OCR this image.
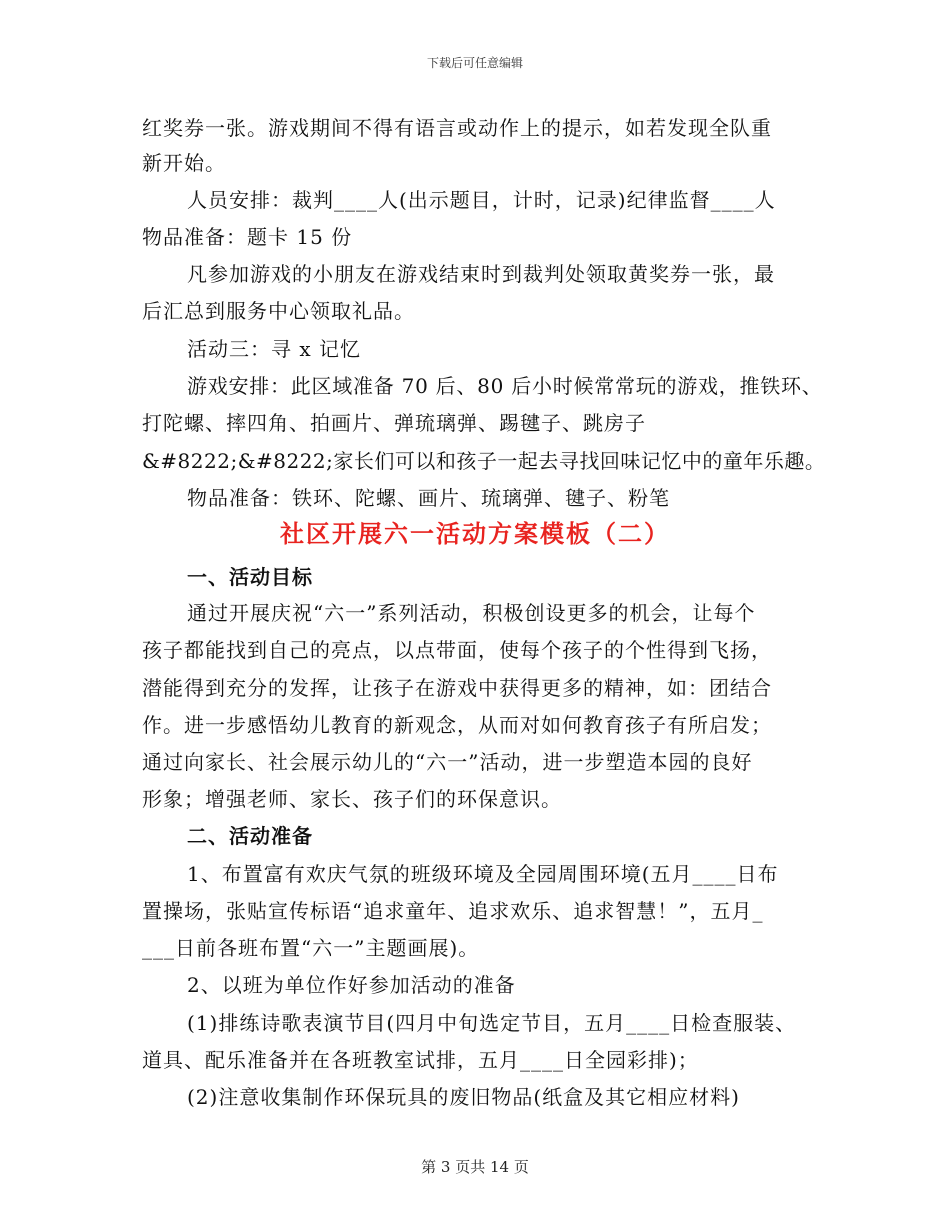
下载后可任意编辑
红奖券一张。游戏期间不得有语言或动作上的提示，如若发现全队重
新开始。
人员安排：裁判____人(出示题目，计时，记录)纪律监督____人
物品准备：题卡 15 份
凡参加游戏的小朋友在游戏结束时到裁判处领取黄奖券一张，最
后汇总到服务中心领取礼品。
活动三：寻 x 记忆
游戏安排：此区域准备 70 后、80 后小时候常常玩的游戏，推铁环、
打陀螺、摔四角、拍画片、弹琉璃弹、踢毽子、跳房子
&#8222;&#8222;家长们可以和孩子一起去寻找回味记忆中的童年乐趣。
物品准备：铁环、陀螺、画片、琉璃弹、毽子、粉笔
社区开展六一活动方案模板（二）
一、活动目标
通过开展庆祝“六一”系列活动，积极创设更多的机会，让每个
孩子都能找到自己的亮点，以点带面，使每个孩子的个性得到飞扬，
潜能得到充分的发挥，让孩子在游戏中获得更多的精神，如：团结合
作。进一步感悟幼儿教育的新观念，从而对如何教育孩子有所启发；
通过向家长、社会展示幼儿的“六一”活动，进一步塑造本园的良好
形象；增强老师、家长、孩子们的环保意识。
二、活动准备
1、布置富有欢庆气氛的班级环境及全园周围环境(五月____日布
置操场，张贴宣传标语“追求童年、追求欢乐、追求智慧！”，五月_
___日前各班布置“六一”主题画展)。
2、以班为单位作好参加活动的准备
(1)排练诗歌表演节目(四月中旬选定节目，五月____日检查服装、
道具、配乐准备并在各班教室试排，五月____日全园彩排)；
(2)注意收集制作环保玩具的废旧物品(纸盒及其它相应材料)
第 3 页共 14 页
